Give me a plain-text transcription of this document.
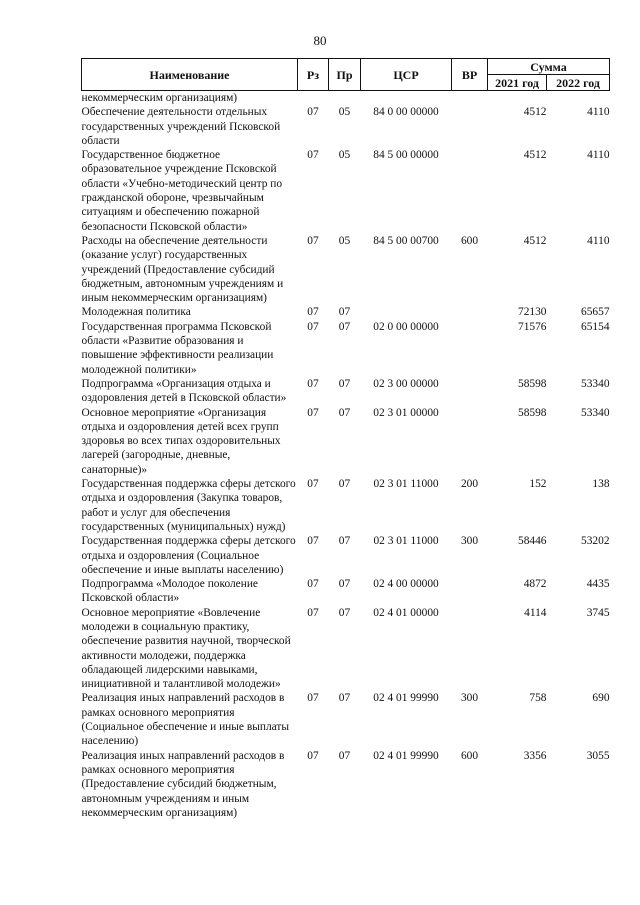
80
Наименование	Рз	Пр	ЦСР	ВР	Сумма	
					2021 год	2022 год
некоммерческим организациям)						
Обеспечение деятельности отдельных государственных учреждений Псковской области	07	05	84 0 00 00000		4512	4110
Государственное бюджетное образовательное учреждение Псковской области «Учебно-методический центр по гражданской обороне, чрезвычайным ситуациям и обеспечению пожарной безопасности Псковской области»	07	05	84 5 00 00000		4512	4110
Расходы на обеспечение деятельности (оказание услуг) государственных учреждений (Предоставление субсидий бюджетным, автономным учреждениям и иным некоммерческим организациям)	07	05	84 5 00 00700	600	4512	4110
Молодежная политика	07	07			72130	65657
Государственная программа Псковской области «Развитие образования и повышение эффективности реализации молодежной политики»	07	07	02 0 00 00000		71576	65154
Подпрограмма «Организация отдыха и оздоровления детей в Псковской области»	07	07	02 3 00 00000		58598	53340
Основное мероприятие «Организация отдыха и оздоровления детей всех групп здоровья во всех типах оздоровительных лагерей (загородные, дневные, санаторные)»	07	07	02 3 01 00000		58598	53340
Государственная поддержка сферы детского отдыха и оздоровления (Закупка товаров, работ и услуг для обеспечения государственных (муниципальных) нужд)	07	07	02 3 01 11000	200	152	138
Государственная поддержка сферы детского отдыха и оздоровления (Социальное обеспечение и иные выплаты населению)	07	07	02 3 01 11000	300	58446	53202
Подпрограмма «Молодое поколение Псковской области»	07	07	02 4 00 00000		4872	4435
Основное мероприятие «Вовлечение молодежи в социальную практику, обеспечение развития научной, творческой активности молодежи, поддержка обладающей лидерскими навыками, инициативной и талантливой молодежи»	07	07	02 4 01 00000		4114	3745
Реализация иных направлений расходов в рамках основного мероприятия (Социальное обеспечение и иные выплаты населению)	07	07	02 4 01 99990	300	758	690
Реализация иных направлений расходов в рамках основного мероприятия (Предоставление субсидий бюджетным, автономным учреждениям и иным некоммерческим организациям)	07	07	02 4 01 99990	600	3356	3055
